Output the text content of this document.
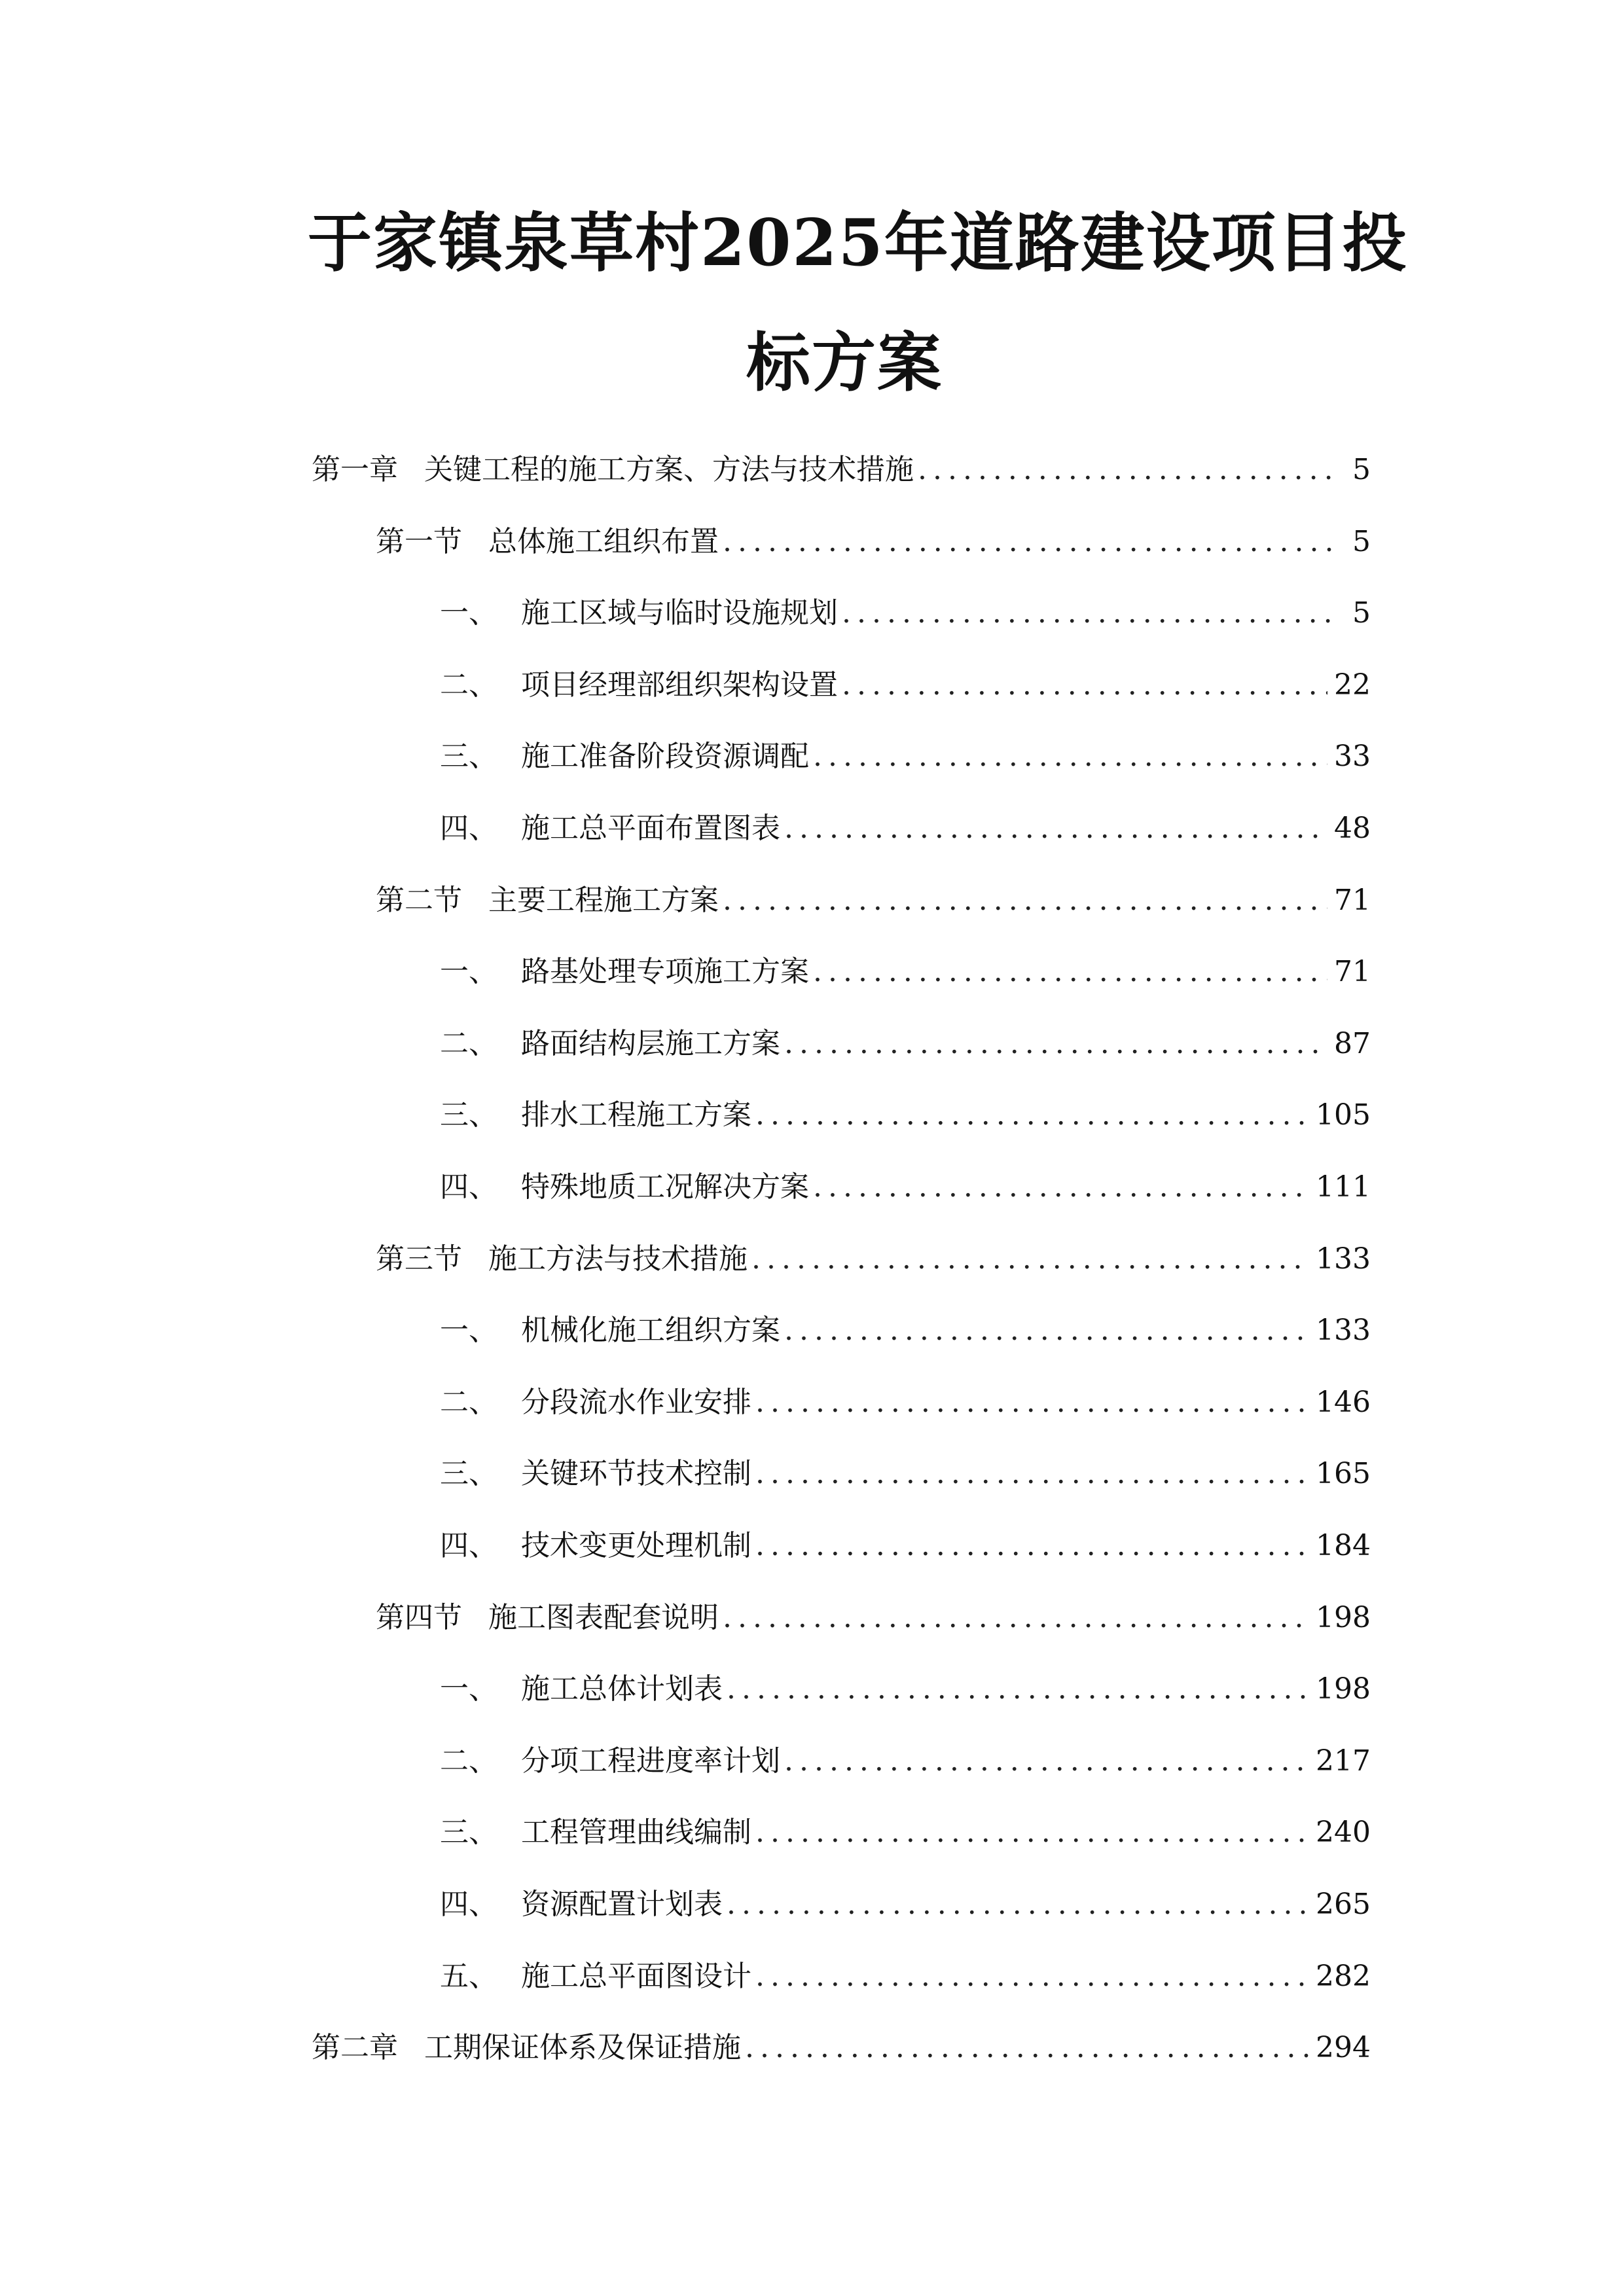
于家镇泉草村2025年道路建设项目投
标方案
第一章 关键工程的施工方案、方法与技术措施 .....	5
第一节 总体施工组织布置 .....	5
一、 施工区域与临时设施规划 .....	5
二、 项目经理部组织架构设置 .....	22
三、 施工准备阶段资源调配 .....	33
四、 施工总平面布置图表 .....	48
第二节 主要工程施工方案 .....	71
一、 路基处理专项施工方案 .....	71
二、 路面结构层施工方案 .....	87
三、 排水工程施工方案 .....	105
四、 特殊地质工况解决方案 .....	111
第三节 施工方法与技术措施 .....	133
一、 机械化施工组织方案 .....	133
二、 分段流水作业安排 .....	146
三、 关键环节技术控制 .....	165
四、 技术变更处理机制 .....	184
第四节 施工图表配套说明 .....	198
一、 施工总体计划表 .....	198
二、 分项工程进度率计划 .....	217
三、 工程管理曲线编制 .....	240
四、 资源配置计划表 .....	265
五、 施工总平面图设计 .....	282
第二章 工期保证体系及保证措施 .....	294
